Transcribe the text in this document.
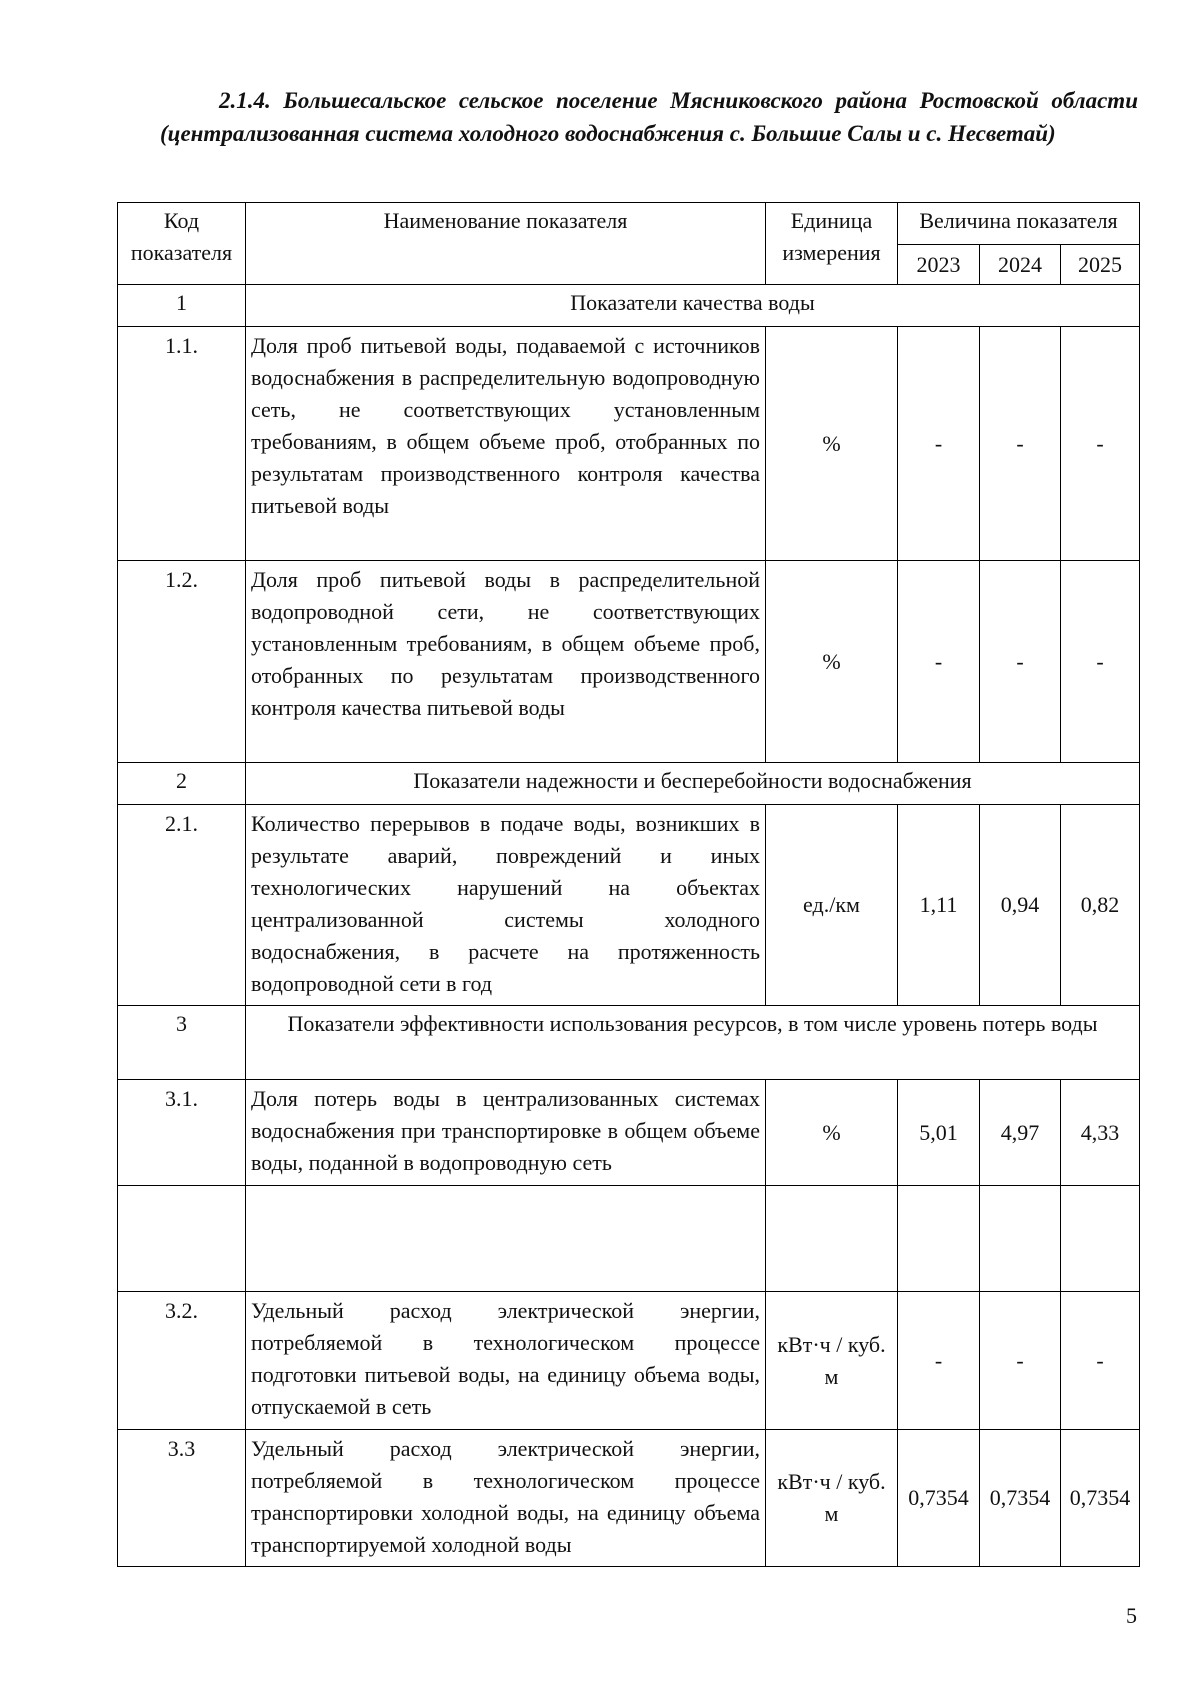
2.1.4. Большесальское сельское поселение Мясниковского района Ростовской области (централизованная система холодного водоснабжения с. Большие Салы и с. Несветай)
Код показателя	Наименование показателя	Единица измерения	Величина показателя		
			2023	2024	2025
1	Показатели качества воды				
1.1.	Доля проб питьевой воды, подаваемой с источников водоснабжения в распределительную водопроводную сеть, не соответствующих установленным требованиям, в общем объеме проб, отобранных по результатам производственного контроля качества питьевой воды	%	-	-	-
1.2.	Доля проб питьевой воды в распределительной водопроводной сети, не соответствующих установленным требованиям, в общем объеме проб, отобранных по результатам производственного контроля качества питьевой воды	%	-	-	-
2	Показатели надежности и бесперебойности водоснабжения				
2.1.	Количество перерывов в подаче воды, возникших в результате аварий, повреждений и иных технологических нарушений на объектах централизованной системы холодного водоснабжения, в расчете на протяженность водопроводной сети в год	ед./км	1,11	0,94	0,82
3	Показатели эффективности использования ресурсов, в том числе уровень потерь воды				
3.1.	Доля потерь воды в централизованных системах водоснабжения при транспортировке в общем объеме воды, поданной в водопроводную сеть	%	5,01	4,97	4,33

3.2.	Удельный расход электрической энергии, потребляемой в технологическом процессе подготовки питьевой воды, на единицу объема воды, отпускаемой в сеть	кВт·ч / куб. м	-	-	-
3.3	Удельный расход электрической энергии, потребляемой в технологическом процессе транспортировки холодной воды, на единицу объема транспортируемой холодной воды	кВт·ч / куб. м	0,7354	0,7354	0,7354
5
